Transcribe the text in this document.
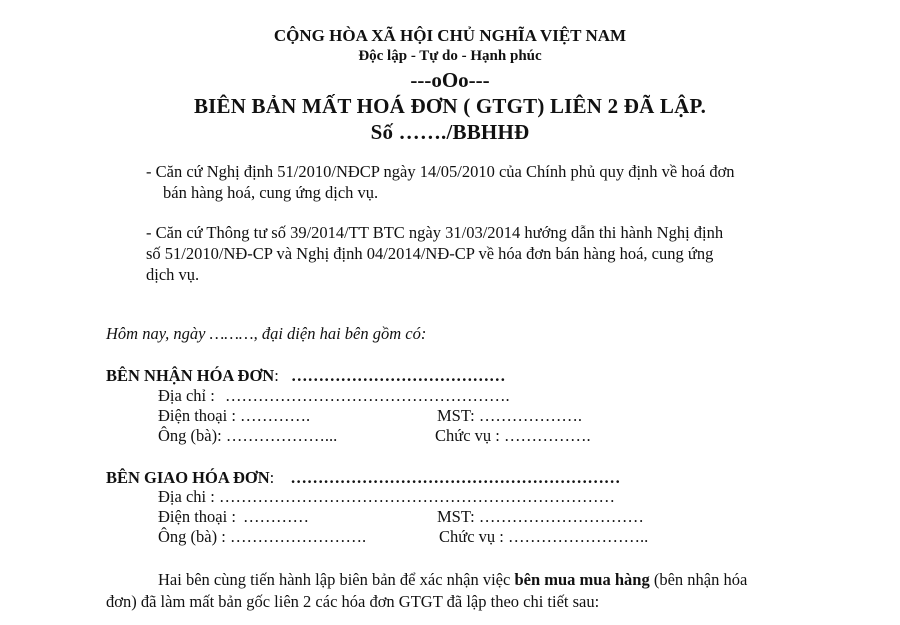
CỘNG HÒA XÃ HỘI CHỦ NGHĨA VIỆT NAM
Độc lập - Tự do - Hạnh phúc
---oOo---
BIÊN BẢN MẤT HOÁ ĐƠN ( GTGT) LIÊN 2 ĐÃ LẬP.
Số ……./BBHHĐ
- Căn cứ Nghị định 51/2010/NĐCP ngày 14/05/2010 của Chính phủ quy định về hoá đơn
bán hàng hoá, cung ứng dịch vụ.
- Căn cứ Thông tư số 39/2014/TT BTC ngày 31/03/2014 hướng dẫn thi hành Nghị định
số 51/2010/NĐ-CP và Nghị định 04/2014/NĐ-CP về hóa đơn bán hàng hoá, cung ứng
dịch vụ.
Hôm nay, ngày ………, đại diện hai bên gồm có:
BÊN NHẬN HÓA ĐƠN: …………………………………
Địa chỉ : …………………………………………….
Điện thoại : ………….	MST: ……………….
Ông (bà): ………………...	Chức vụ : …………….
BÊN GIAO HÓA ĐƠN: ……………………………………………………
Địa chi : ………………………………………………………………
Điện thoại : …………	MST: …………………………
Ông (bà) : …………………….	Chức vụ : ……………………..
Hai bên cùng tiến hành lập biên bản để xác nhận việc bên mua mua hàng (bên nhận hóa
đơn) đã làm mất bản gốc liên 2 các hóa đơn GTGT đã lập theo chi tiết sau:
